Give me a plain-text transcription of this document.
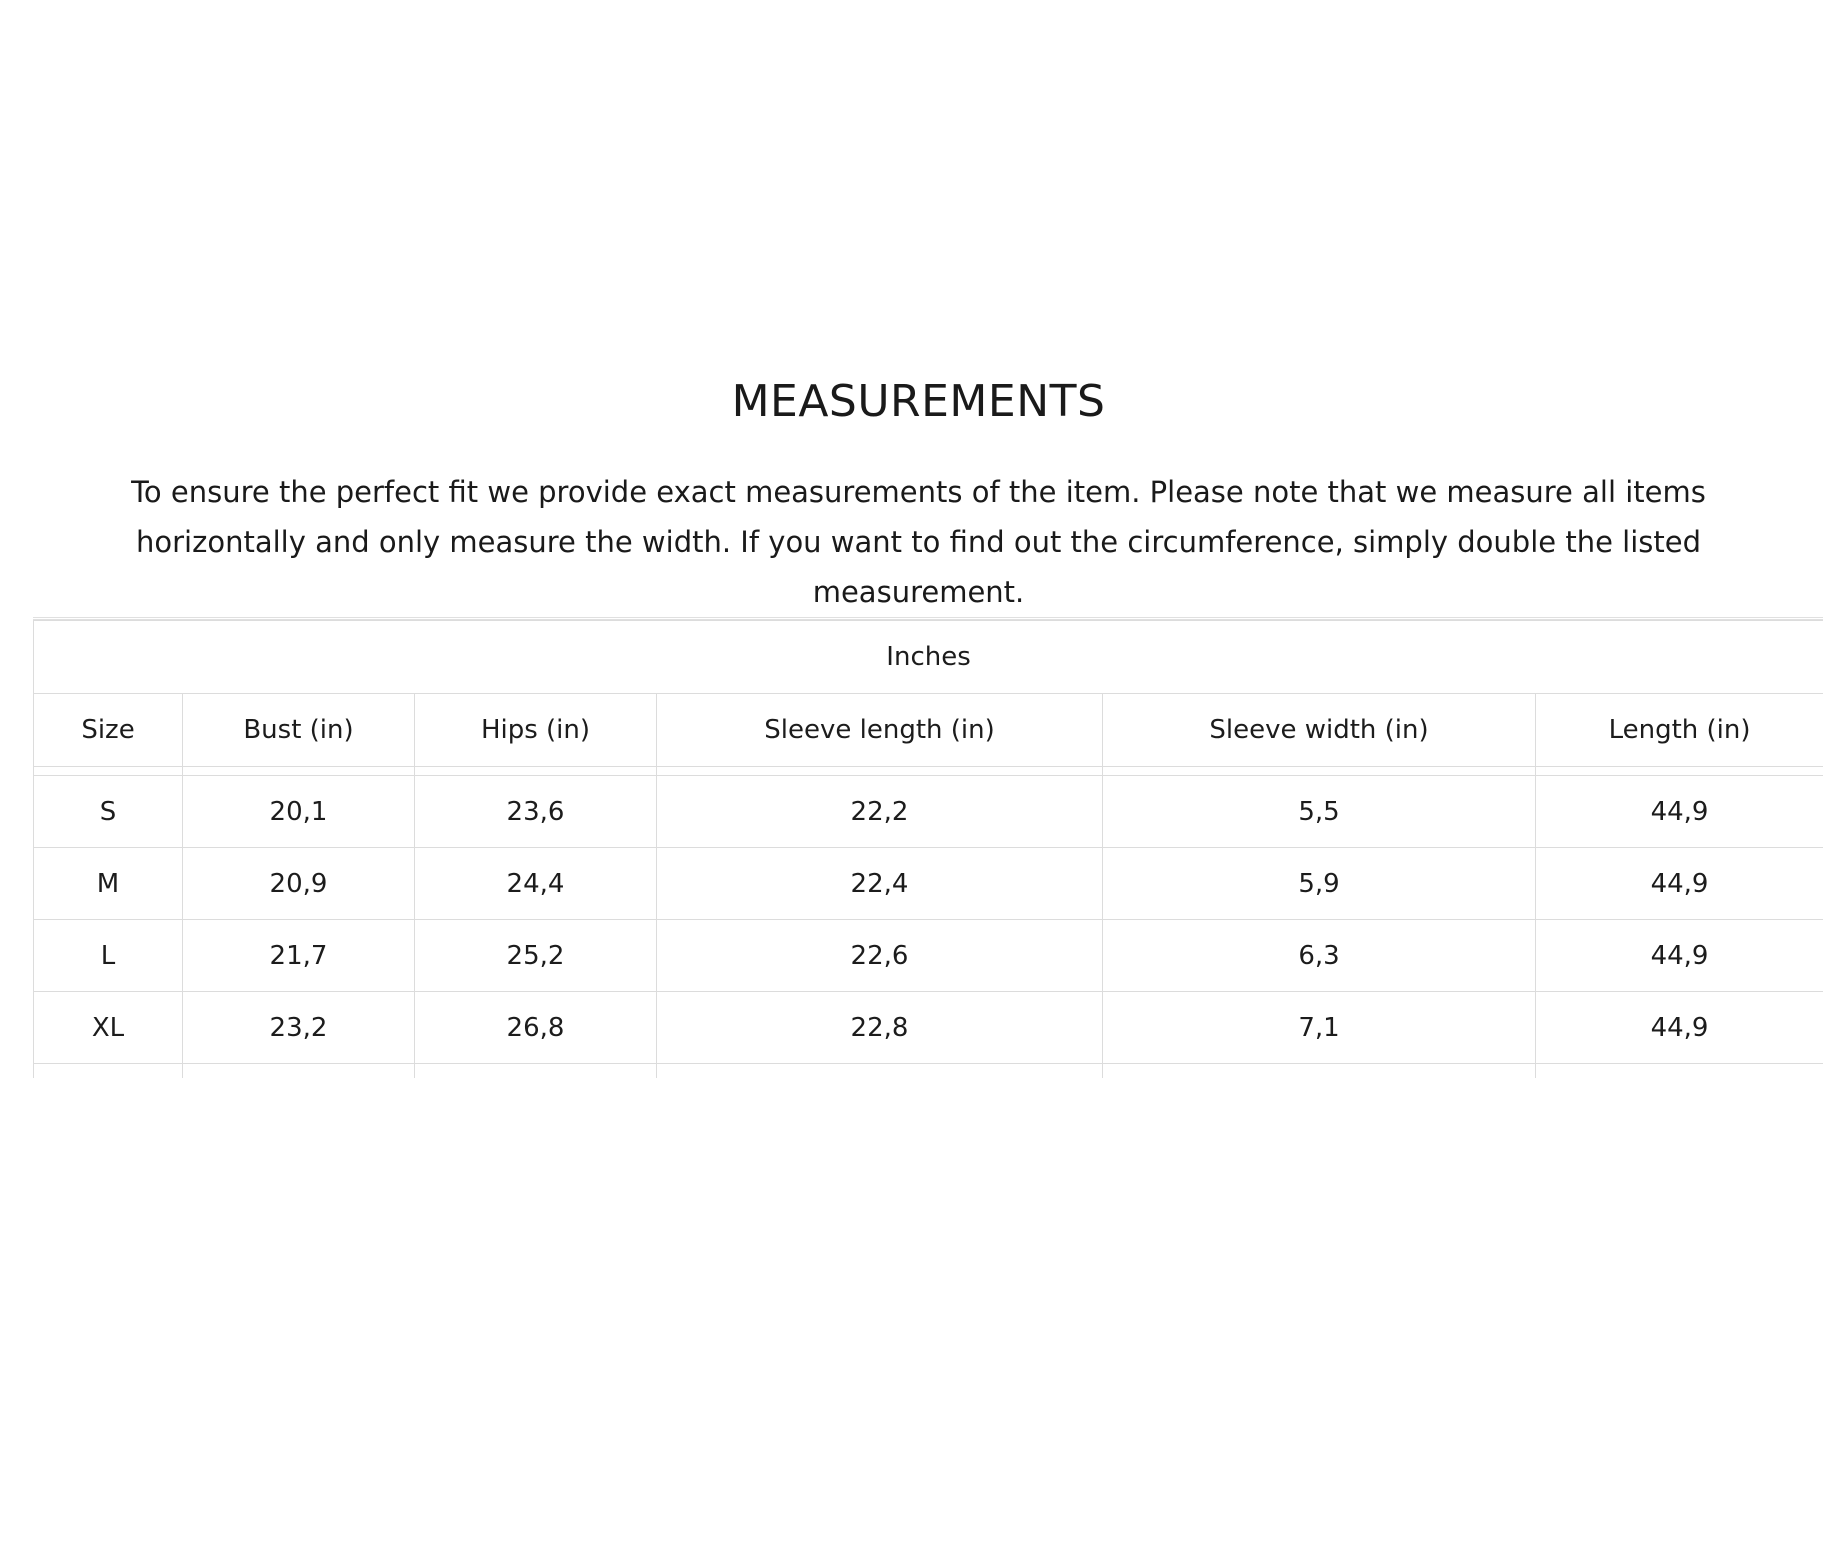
MEASUREMENTS

To ensure the perfect fit we provide exact measurements of the item. Please note that we measure all items horizontally and only measure the width. If you want to find out the circumference, simply double the listed measurement.

Inches					
Size	Bust (in)	Hips (in)	Sleeve length (in)	Sleeve width (in)	Length (in)

S	20,1	23,6	22,2	5,5	44,9
M	20,9	24,4	22,4	5,9	44,9
L	21,7	25,2	22,6	6,3	44,9
XL	23,2	26,8	22,8	7,1	44,9
